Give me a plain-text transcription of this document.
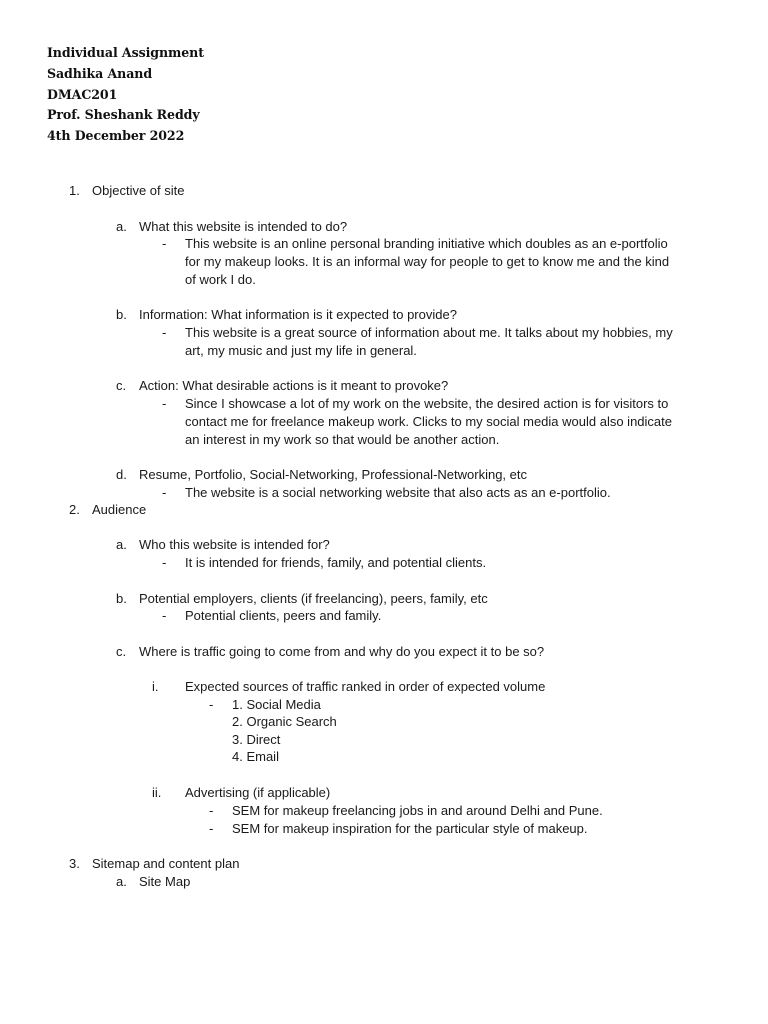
Individual Assignment

Sadhika Anand

DMAC201

Prof. Sheshank Reddy

4th December 2022

1. Objective of site
a. What this website is intended to do?
- This website is an online personal branding initiative which doubles as an e-portfolio
for my makeup looks. It is an informal way for people to get to know me and the kind
of work I do.
b. Information: What information is it expected to provide?
- This website is a great source of information about me. It talks about my hobbies, my
art, my music and just my life in general.
c. Action: What desirable actions is it meant to provoke?
- Since I showcase a lot of my work on the website, the desired action is for visitors to
contact me for freelance makeup work. Clicks to my social media would also indicate
an interest in my work so that would be another action.
d. Resume, Portfolio, Social-Networking, Professional-Networking, etc
- The website is a social networking website that also acts as an e-portfolio.
2. Audience
a. Who this website is intended for?
- It is intended for friends, family, and potential clients.
b. Potential employers, clients (if freelancing), peers, family, etc
- Potential clients, peers and family.
c. Where is traffic going to come from and why do you expect it to be so?
i. Expected sources of traffic ranked in order of expected volume
- 1. Social Media
2. Organic Search
3. Direct
4. Email
ii. Advertising (if applicable)
- SEM for makeup freelancing jobs in and around Delhi and Pune.
- SEM for makeup inspiration for the particular style of makeup.
3. Sitemap and content plan
a. Site Map
